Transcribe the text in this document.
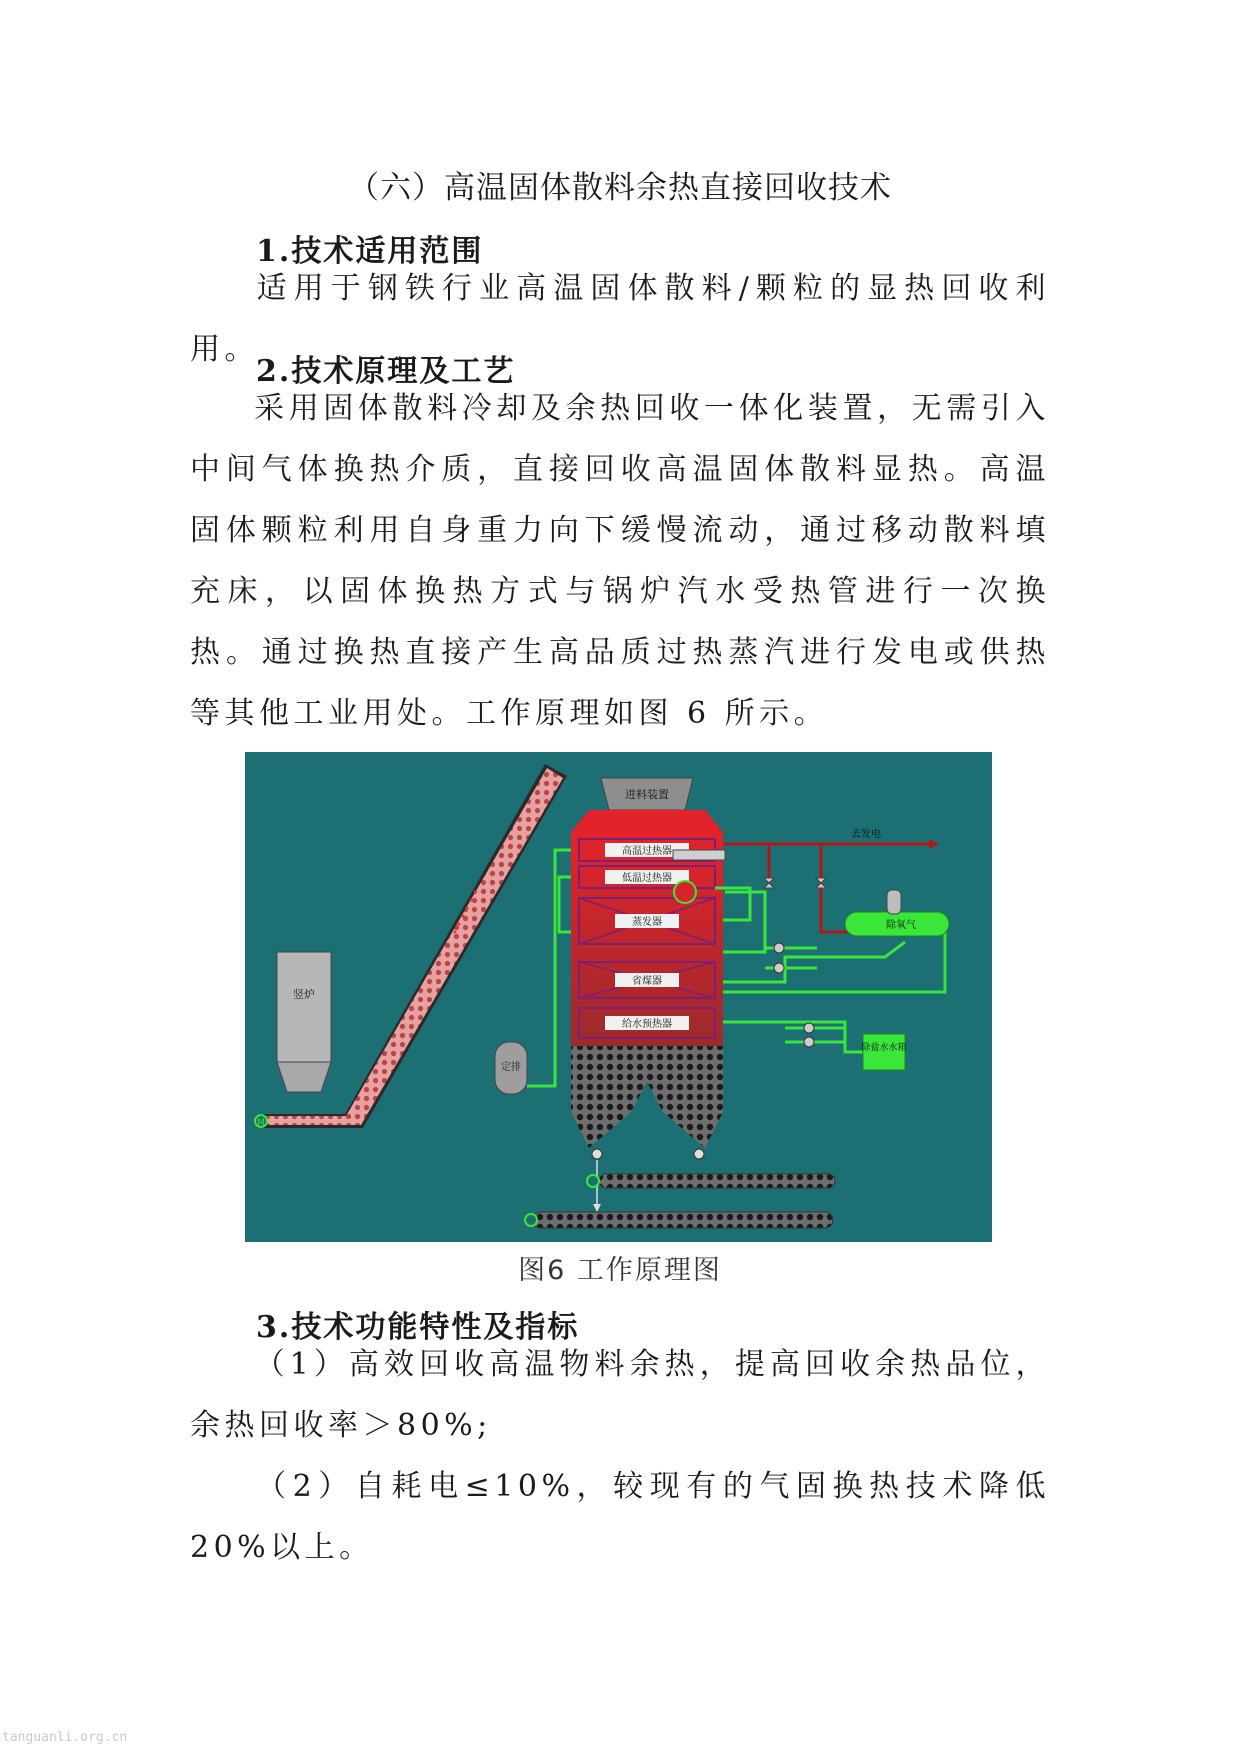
（六）高温固体散料余热直接回收技术
1.技术适用范围

适用于钢铁行业高温固体散料/颗粒的显热回收利用。

2.技术原理及工艺

采用固体散料冷却及余热回收一体化装置，无需引入中间气体换热介质，直接回收高温固体散料显热。高温固体颗粒利用自身重力向下缓慢流动，通过移动散料填充床，以固体换热方式与锅炉汽水受热管进行一次换热。通过换热直接产生高品质过热蒸汽进行发电或供热等其他工业用处。工作原理如图 6 所示。

M
竖炉
定排
进料装置
高温过热器
低温过热器
蒸发器
省煤器
给水预热器
去发电
除氧气
除盐水水箱
图6 工作原理图
3.技术功能特性及指标

（1）高效回收高温物料余热，提高回收余热品位，余热回收率＞80%;

（2）自耗电≤10%，较现有的气固换热技术降低 20%以上。

tanguanli.org.cn
